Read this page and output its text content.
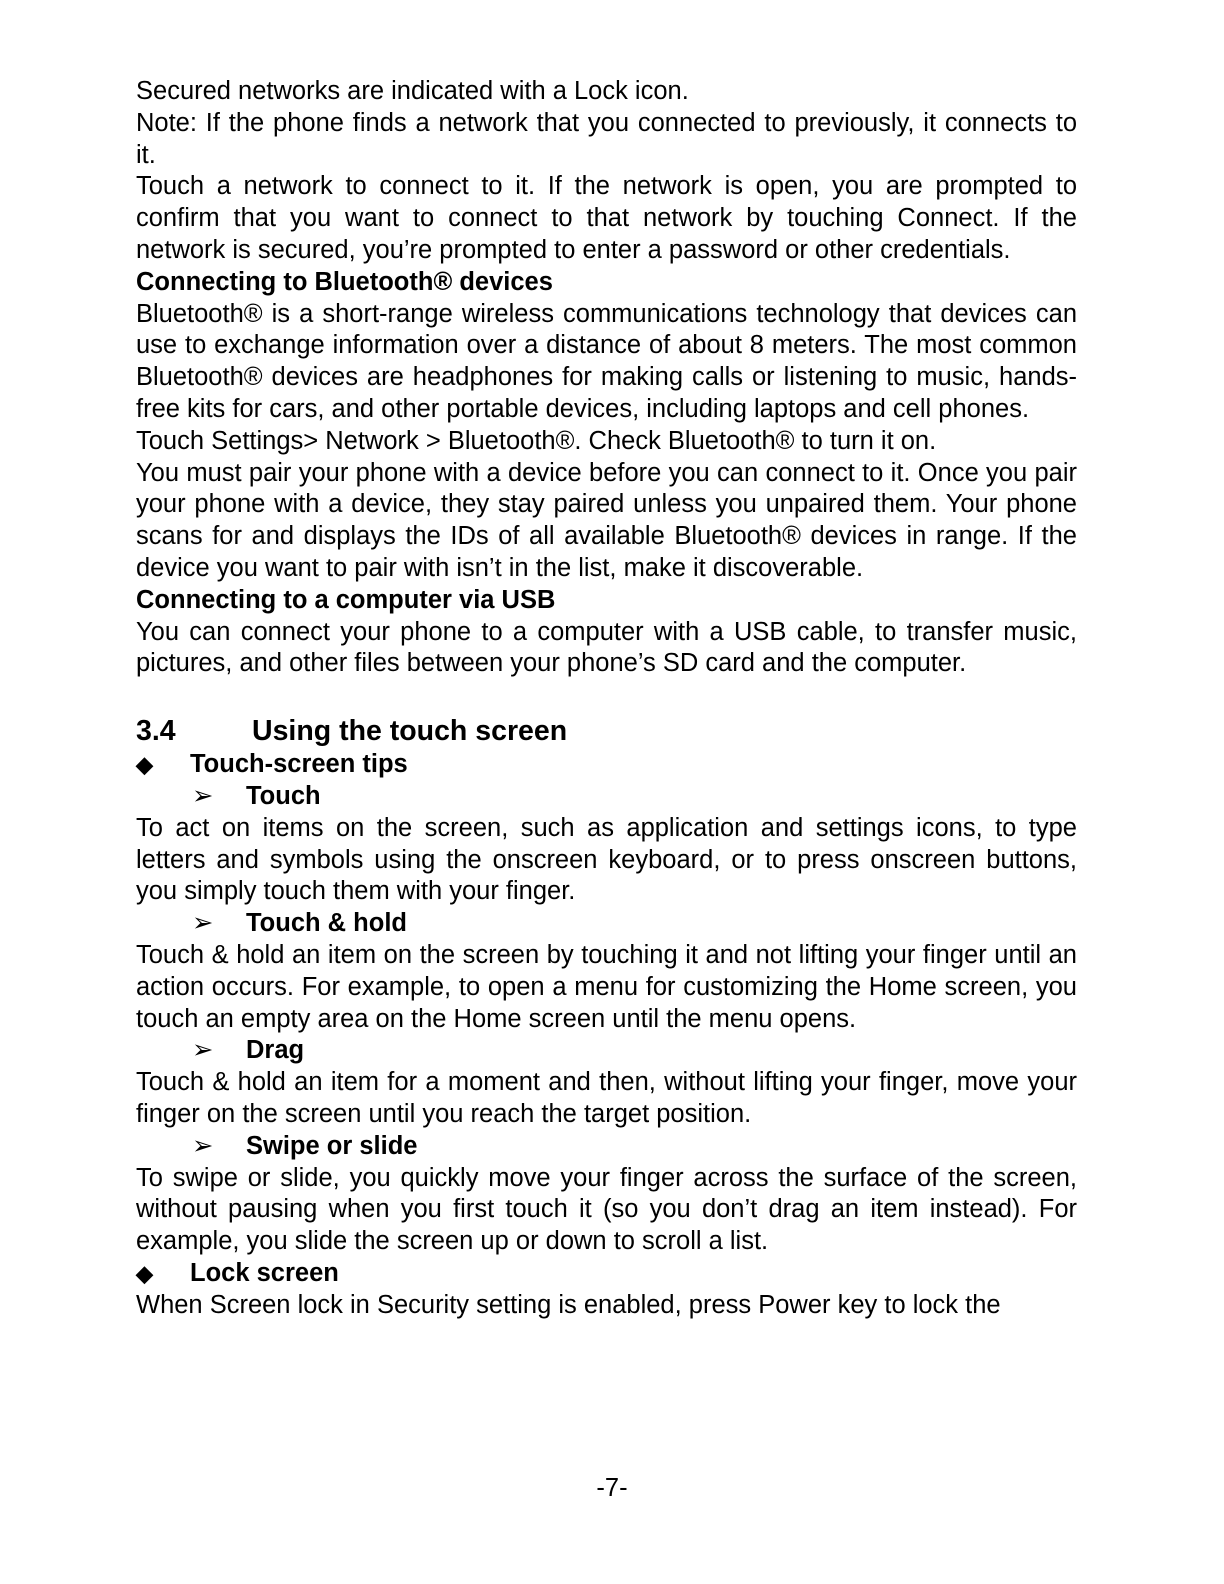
Secured networks are indicated with a Lock icon.

Note: If the phone finds a network that you connected to previously, it connects to it.

Touch a network to connect to it. If the network is open, you are prompted to confirm that you want to connect to that network by touching Connect. If the network is secured, you’re prompted to enter a password or other credentials.

Connecting to Bluetooth® devices

Bluetooth® is a short-range wireless communications technology that devices can use to exchange information over a distance of about 8 meters. The most common Bluetooth® devices are headphones for making calls or listening to music, hands-free kits for cars, and other portable devices, including laptops and cell phones.

Touch Settings> Network > Bluetooth®. Check Bluetooth® to turn it on.

You must pair your phone with a device before you can connect to it. Once you pair your phone with a device, they stay paired unless you unpaired them. Your phone scans for and displays the IDs of all available Bluetooth® devices in range. If the device you want to pair with isn’t in the list, make it discoverable.

Connecting to a computer via USB

You can connect your phone to a computer with a USB cable, to transfer music, pictures, and other files between your phone’s SD card and the computer.

3.4	Using the touch screen
◆	Touch-screen tips
➢	Touch

To act on items on the screen, such as application and settings icons, to type letters and symbols using the onscreen keyboard, or to press onscreen buttons, you simply touch them with your finger.

➢	Touch & hold

Touch & hold an item on the screen by touching it and not lifting your finger until an action occurs. For example, to open a menu for customizing the Home screen, you touch an empty area on the Home screen until the menu opens.

➢	Drag

Touch & hold an item for a moment and then, without lifting your finger, move your finger on the screen until you reach the target position.

➢	Swipe or slide

To swipe or slide, you quickly move your finger across the surface of the screen, without pausing when you first touch it (so you don’t drag an item instead). For example, you slide the screen up or down to scroll a list.

◆	Lock screen

When Screen lock in Security setting is enabled, press Power key to lock the

-7-
